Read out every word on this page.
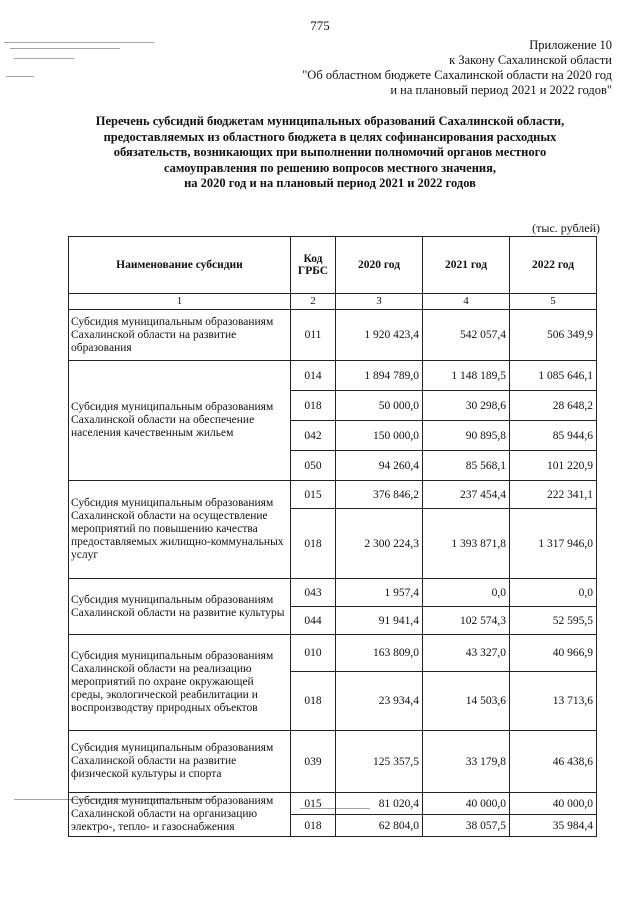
775
Приложение 10
к Закону Сахалинской области
"Об областном бюджете Сахалинской области на 2020 год
и на плановый период 2021 и 2022 годов"
Перечень субсидий бюджетам муниципальных образований Сахалинской области,
предоставляемых из областного бюджета в целях софинансирования расходных
обязательств, возникающих при выполнении полномочий органов местного
самоуправления по решению вопросов местного значения,
на 2020 год и на плановый период 2021 и 2022 годов
(тыс. рублей)
Наименование субсидии	Код ГРБС	2020 год	2021 год	2022 год
1	2	3	4	5
Субсидия муниципальным образованиям Сахалинской области на развитие образования	011	1 920 423,4	542 057,4	506 349,9
Субсидия муниципальным образованиям Сахалинской области на обеспечение населения качественным жильем	014	1 894 789,0	1 148 189,5	1 085 646,1
	018	50 000,0	30 298,6	28 648,2
	042	150 000,0	90 895,8	85 944,6
	050	94 260,4	85 568,1	101 220,9
Субсидия муниципальным образованиям Сахалинской области на осуществление мероприятий по повышению качества предоставляемых жилищно-коммунальных услуг	015	376 846,2	237 454,4	222 341,1
	018	2 300 224,3	1 393 871,8	1 317 946,0
Субсидия муниципальным образованиям Сахалинской области на развитие культуры	043	1 957,4	0,0	0,0
	044	91 941,4	102 574,3	52 595,5
Субсидия муниципальным образованиям Сахалинской области на реализацию мероприятий по охране окружающей среды, экологической реабилитации и воспроизводству природных объектов	010	163 809,0	43 327,0	40 966,9
	018	23 934,4	14 503,6	13 713,6
Субсидия муниципальным образованиям Сахалинской области на развитие физической культуры и спорта	039	125 357,5	33 179,8	46 438,6
Субсидия муниципальным образованиям Сахалинской области на организацию электро-, тепло- и газоснабжения	015	81 020,4	40 000,0	40 000,0
	018	62 804,0	38 057,5	35 984,4
